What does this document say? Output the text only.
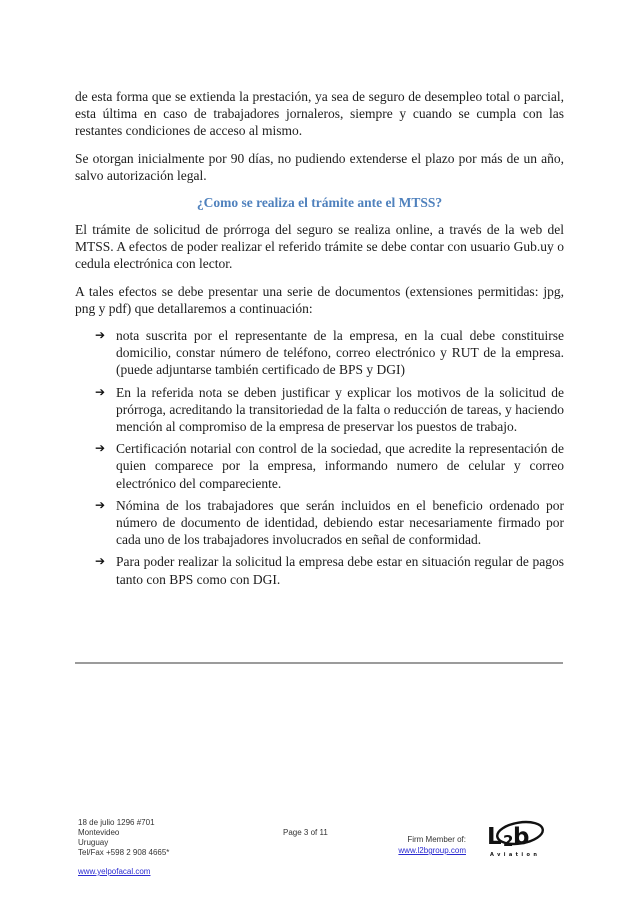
de esta forma que se extienda la prestación, ya sea de seguro de desempleo total o parcial, esta última en caso de trabajadores jornaleros, siempre y cuando se cumpla con las restantes condiciones de acceso al mismo.

Se otorgan inicialmente por 90 días, no pudiendo extenderse el plazo por más de un año, salvo autorización legal.

¿Como se realiza el trámite ante el MTSS?

El trámite de solicitud de prórroga del seguro se realiza online, a través de la web del MTSS. A efectos de poder realizar el referido trámite se debe contar con usuario Gub.uy o cedula electrónica con lector.

A tales efectos se debe presentar una serie de documentos (extensiones permitidas: jpg, png y pdf) que detallaremos a continuación:

➔ nota suscrita por el representante de la empresa, en la cual debe constituirse domicilio, constar número de teléfono, correo electrónico y RUT de la empresa. (puede adjuntarse también certificado de BPS y DGI)
➔ En la referida nota se deben justificar y explicar los motivos de la solicitud de prórroga, acreditando la transitoriedad de la falta o reducción de tareas, y haciendo mención al compromiso de la empresa de preservar los puestos de trabajo.
➔ Certificación notarial con control de la sociedad, que acredite la representación de quien comparece por la empresa, informando numero de celular y correo electrónico del compareciente.
➔ Nómina de los trabajadores que serán incluidos en el beneficio ordenado por número de documento de identidad, debiendo estar necesariamente firmado por cada uno de los trabajadores involucrados en señal de conformidad.
➔ Para poder realizar la solicitud la empresa debe estar en situación regular de pagos tanto con BPS como con DGI.
18 de julio 1296 #701
Montevideo
Uruguay
Tel/Fax +598 2 908 4665*
www.yelpofacal.com
Page 3 of 11
Firm Member of:
www.l2bgroup.com
L 2 b
Aviation
